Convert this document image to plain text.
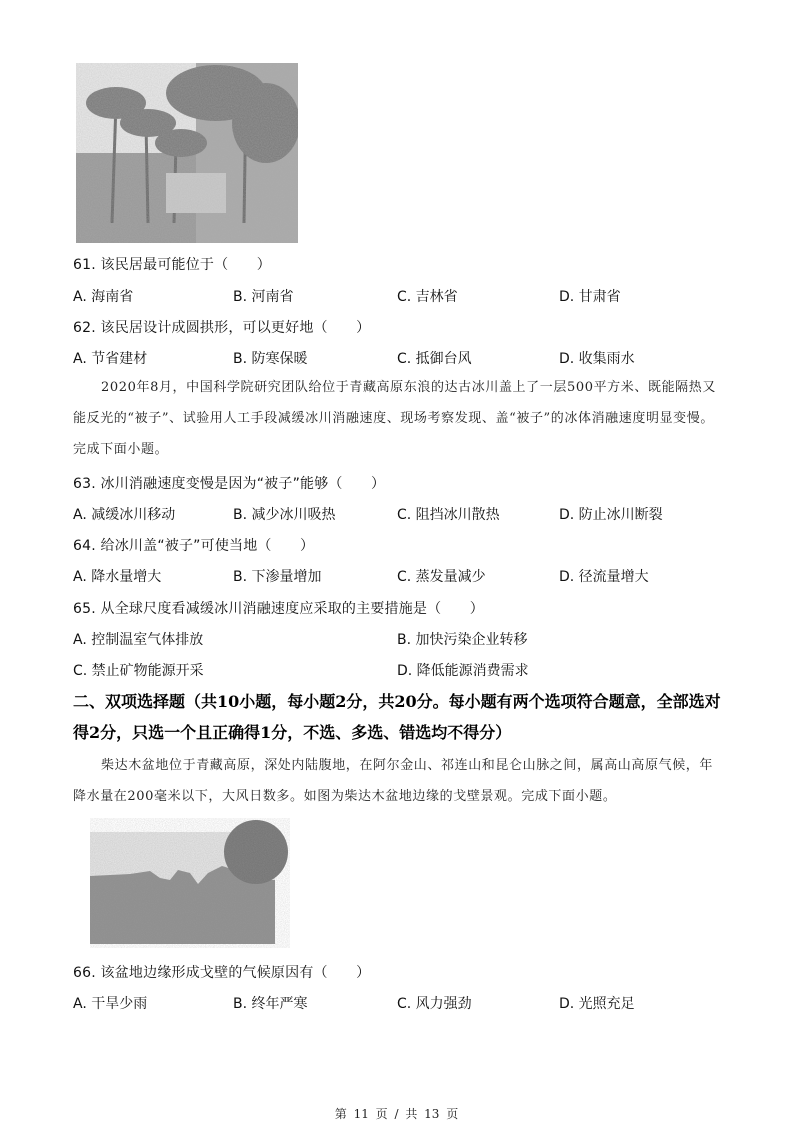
61. 该民居最可能位于（　　）
A. 海南省	B. 河南省	C. 吉林省	D. 甘肃省
62. 该民居设计成圆拱形，可以更好地（　　）
A. 节省建材	B. 防寒保暖	C. 抵御台风	D. 收集雨水
2020年8月，中国科学院研究团队给位于青藏高原东浪的达古冰川盖上了一层500平方米、既能隔热又能反光的“被子”、试验用人工手段减缓冰川消融速度、现场考察发现、盖“被子”的冰体消融速度明显变慢。完成下面小题。
63. 冰川消融速度变慢是因为“被子”能够（　　）
A. 减缓冰川移动	B. 减少冰川吸热	C. 阻挡冰川散热	D. 防止冰川断裂
64. 给冰川盖“被子”可使当地（　　）
A. 降水量增大	B. 下渗量增加	C. 蒸发量减少	D. 径流量增大
65. 从全球尺度看减缓冰川消融速度应采取的主要措施是（　　）
A. 控制温室气体排放	B. 加快污染企业转移
C. 禁止矿物能源开采	D. 降低能源消费需求
二、双项选择题（共10小题，每小题2分，共20分。每小题有两个选项符合题意，全部选对得2分，只选一个且正确得1分，不选、多选、错选均不得分）
柴达木盆地位于青藏高原，深处内陆腹地，在阿尔金山、祁连山和昆仑山脉之间，属高山高原气候，年降水量在200毫米以下，大风日数多。如图为柴达木盆地边缘的戈壁景观。完成下面小题。
66. 该盆地边缘形成戈壁的气候原因有（　　）
A. 干旱少雨	B. 终年严寒	C. 风力强劲	D. 光照充足
第 11 页 / 共 13 页
